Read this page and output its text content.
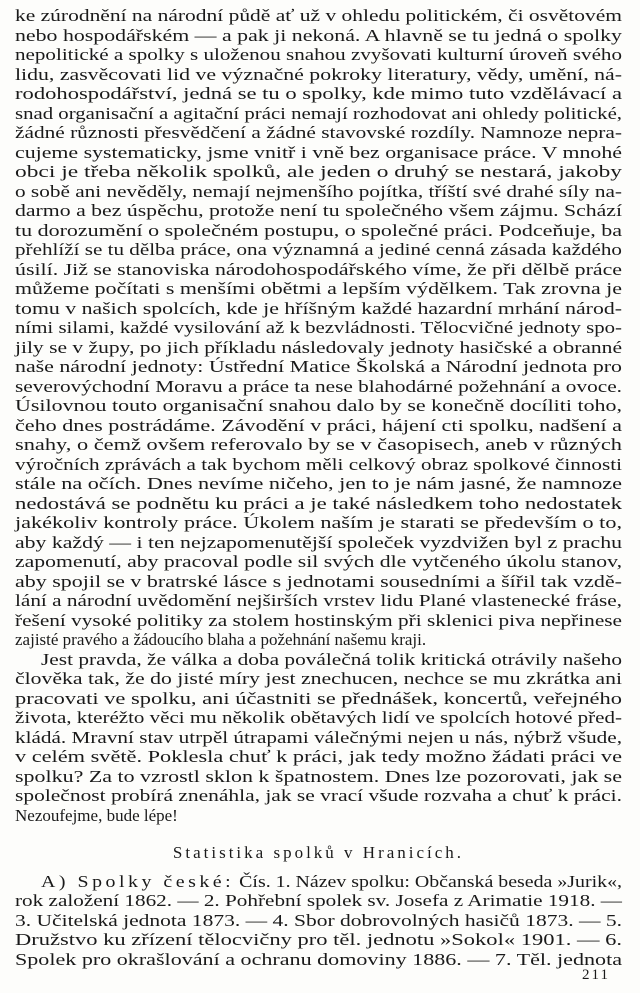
ke zúrodnění na národní půdě ať už v ohledu politickém, či osvětovém
nebo hospodářském — a pak ji nekoná. A hlavně se tu jedná o spolky
nepolitické a spolky s uloženou snahou zvyšovati kulturní úroveň svého
lidu, zasvěcovati lid ve význačné pokroky literatury, vědy, umění, ná-
rodohospodářství, jedná se tu o spolky, kde mimo tuto vzdělávací a
snad organisační a agitační práci nemají rozhodovat ani ohledy politické,
žádné různosti přesvědčení a žádné stavovské rozdíly. Namnoze nepra-
cujeme systematicky, jsme vnitř i vně bez organisace práce. V mnohé
obci je třeba několik spolků, ale jeden o druhý se nestará, jakoby
o sobě ani nevěděly, nemají nejmenšího pojítka, tříští své drahé síly na-
darmo a bez úspěchu, protože není tu společného všem zájmu. Schází
tu dorozumění o společném postupu, o společné práci. Podceňuje, ba
přehlíží se tu dělba práce, ona významná a jediné cenná zásada každého
úsilí. Již se stanoviska národohospodářského víme, že při dělbě práce
můžeme počítati s menšími obětmi a lepším výdělkem. Tak zrovna je
tomu v našich spolcích, kde je hříšným každé hazardní mrhání národ-
ními silami, každé vysilování až k bezvládnosti. Tělocvičné jednoty spo-
jily se v župy, po jich příkladu následovaly jednoty hasičské a obranné
naše národní jednoty: Ústřední Matice Školská a Národní jednota pro
severovýchodní Moravu a práce ta nese blahodárné požehnání a ovoce.
Úsilovnou touto organisační snahou dalo by se konečně docíliti toho,
čeho dnes postrádáme. Závodění v práci, hájení cti spolku, nadšení a
snahy, o čemž ovšem referovalo by se v časopisech, aneb v různých
výročních zprávách a tak bychom měli celkový obraz spolkové činnosti
stále na očích. Dnes nevíme ničeho, jen to je nám jasné, že namnoze
nedostává se podnětu ku práci a je také následkem toho nedostatek
jakékoliv kontroly práce. Úkolem naším je starati se především o to,
aby každý — i ten nejzapomenutější společek vyzdvižen byl z prachu
zapomenutí, aby pracoval podle sil svých dle vytčeného úkolu stanov,
aby spojil se v bratrské lásce s jednotami sousedními a šířil tak vzdě-
lání a národní uvědomění nejširších vrstev lidu Plané vlastenecké fráse,
řešení vysoké politiky za stolem hostinským při sklenici piva nepřinese
zajisté pravého a žádoucího blaha a požehnání našemu kraji.
Jest pravda, že válka a doba poválečná tolik kritická otrávily našeho
člověka tak, že do jisté míry jest znechucen, nechce se mu zkrátka ani
pracovati ve spolku, ani účastniti se přednášek, koncertů, veřejného
života, kteréžto věci mu několik obětavých lidí ve spolcích hotové před-
kládá. Mravní stav utrpěl útrapami válečnými nejen u nás, nýbrž všude,
v celém světě. Poklesla chuť k práci, jak tedy možno žádati práci ve
spolku? Za to vzrostl sklon k špatnostem. Dnes lze pozorovati, jak se
společnost probírá znenáhla, jak se vrací všude rozvaha a chuť k práci.
Nezoufejme, bude lépe!
Statistika spolků v Hranicích.
A) Spolky české: Čís. 1. Název spolku: Občanská beseda »Jurik«,
rok založení 1862. — 2. Pohřební spolek sv. Josefa z Arimatie 1918. —
3. Učitelská jednota 1873. — 4. Sbor dobrovolných hasičů 1873. — 5.
Družstvo ku zřízení tělocvičny pro těl. jednotu »Sokol« 1901. — 6.
Spolek pro okrašlování a ochranu domoviny 1886. — 7. Těl. jednota
211
